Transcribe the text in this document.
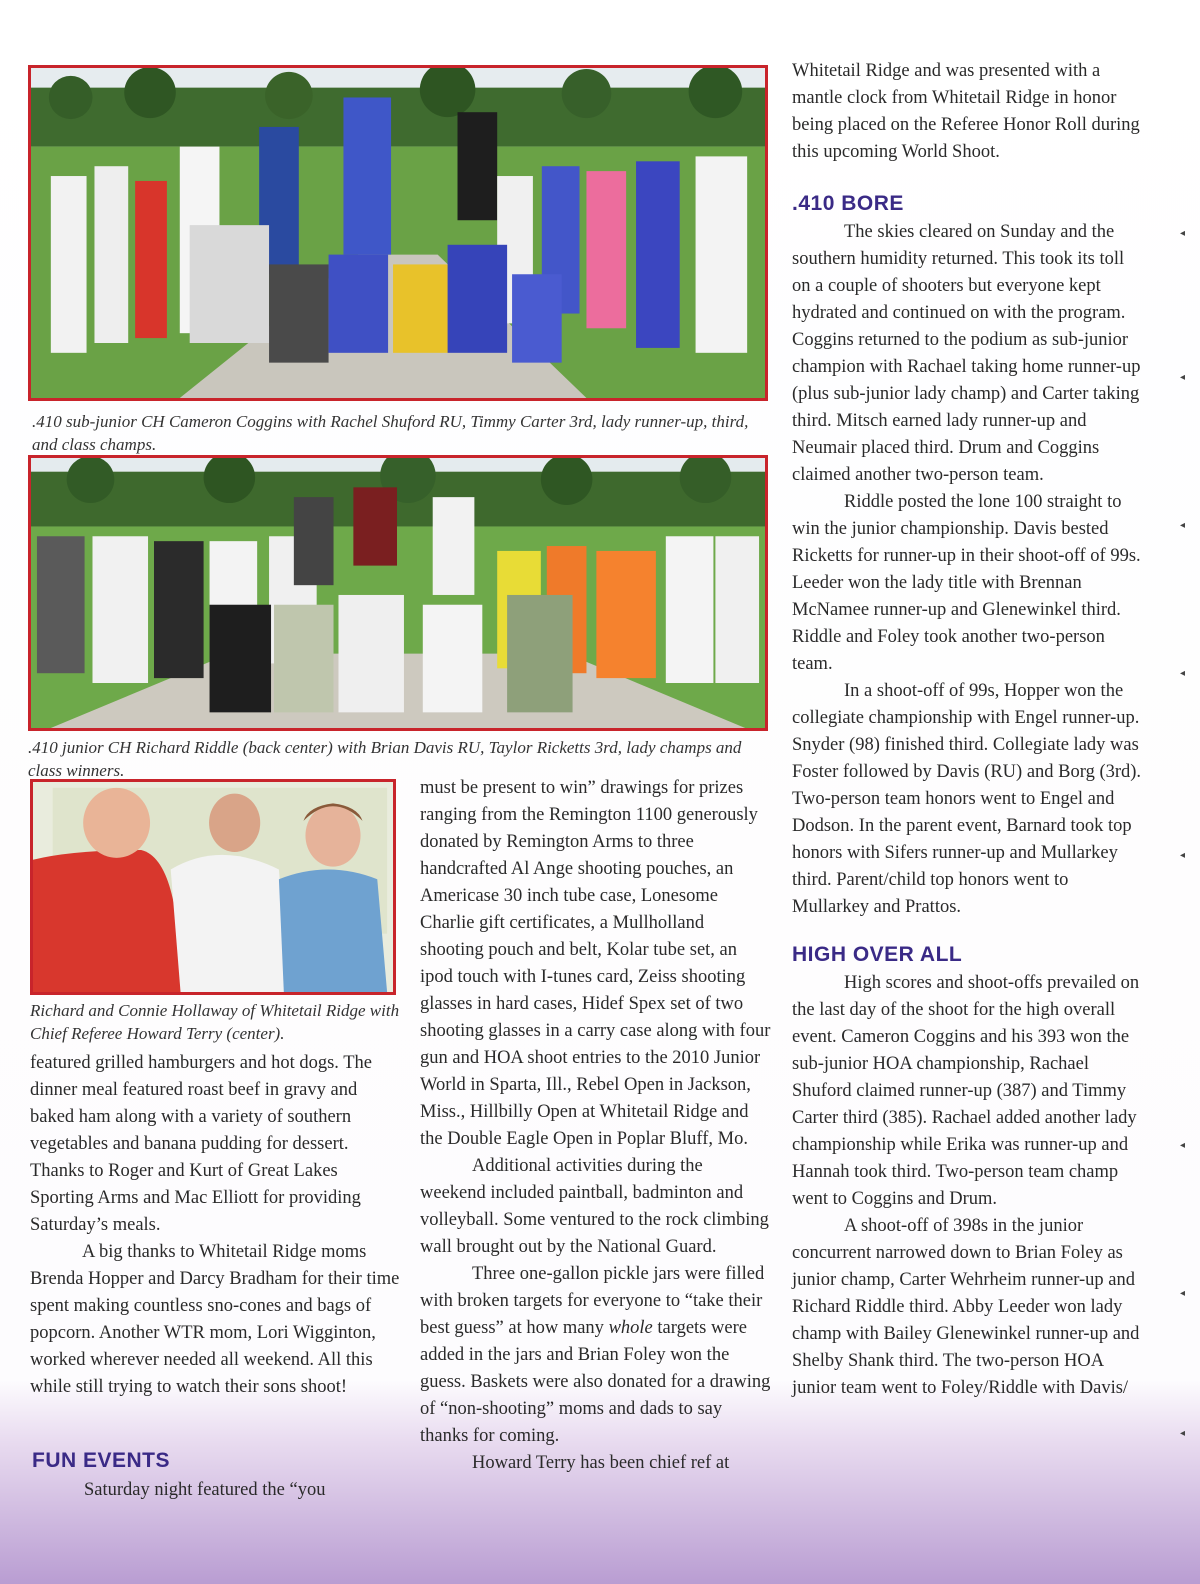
.410 sub-junior CH Cameron Coggins with Rachel Shuford RU, Timmy Carter 3rd, lady runner-up, third, and class champs.

.410 junior CH Richard Riddle (back center) with Brian Davis RU, Taylor Ricketts 3rd, lady champs and class winners.

Richard and Connie Hollaway of Whitetail Ridge with Chief Referee Howard Terry (center).

featured grilled hamburgers and hot dogs. The dinner meal featured roast beef in gravy and baked ham along with a variety of southern vegetables and banana pudding for dessert. Thanks to Roger and Kurt of Great Lakes Sporting Arms and Mac Elliott for providing Saturday’s meals.

A big thanks to Whitetail Ridge moms Brenda Hopper and Darcy Bradham for their time spent making countless sno-cones and bags of popcorn. Another WTR mom, Lori Wigginton, worked wherever needed all weekend. All this while still trying to watch their sons shoot!

FUN EVENTS

Saturday night featured the “you

must be present to win” drawings for prizes ranging from the Remington 1100 generously donated by Remington Arms to three handcrafted Al Ange shooting pouches, an Americase 30 inch tube case, Lonesome Charlie gift certificates, a Mullholland shooting pouch and belt, Kolar tube set, an ipod touch with I-tunes card, Zeiss shooting glasses in hard cases, Hidef Spex set of two shooting glasses in a carry case along with four gun and HOA shoot entries to the 2010 Junior World in Sparta, Ill., Rebel Open in Jackson, Miss., Hillbilly Open at Whitetail Ridge and the Double Eagle Open in Poplar Bluff, Mo.

Additional activities during the weekend included paintball, badminton and volleyball. Some ventured to the rock climbing wall brought out by the National Guard.

Three one-gallon pickle jars were filled with broken targets for everyone to “take their best guess” at how many whole targets were added in the jars and Brian Foley won the guess. Baskets were also donated for a drawing of “non-shooting” moms and dads to say thanks for coming.

Howard Terry has been chief ref at

Whitetail Ridge and was presented with a mantle clock from Whitetail Ridge in honor being placed on the Referee Honor Roll during this upcoming World Shoot.

.410 BORE

The skies cleared on Sunday and the southern humidity returned. This took its toll on a couple of shooters but everyone kept hydrated and continued on with the program. Coggins returned to the podium as sub-junior champion with Rachael taking home runner-up (plus sub-junior lady champ) and Carter taking third. Mitsch earned lady runner-up and Neumair placed third. Drum and Coggins claimed another two-person team.

Riddle posted the lone 100 straight to win the junior championship. Davis bested Ricketts for runner-up in their shoot-off of 99s. Leeder won the lady title with Brennan McNamee runner-up and Glenewinkel third. Riddle and Foley took another two-person team.

In a shoot-off of 99s, Hopper won the collegiate championship with Engel runner-up. Snyder (98) finished third. Collegiate lady was Foster followed by Davis (RU) and Borg (3rd). Two-person team honors went to Engel and Dodson. In the parent event, Barnard took top honors with Sifers runner-up and Mullarkey third. Parent/child top honors went to Mullarkey and Prattos.

HIGH OVER ALL

High scores and shoot-offs prevailed on the last day of the shoot for the high overall event. Cameron Coggins and his 393 won the sub-junior HOA championship, Rachael Shuford claimed runner-up (387) and Timmy Carter third (385). Rachael added another lady championship while Erika was runner-up and Hannah took third. Two-person team champ went to Coggins and Drum.

A shoot-off of 398s in the junior concurrent narrowed down to Brian Foley as junior champ, Carter Wehrheim runner-up and Richard Riddle third. Abby Leeder won lady champ with Bailey Glenewinkel runner-up and Shelby Shank third. The two-person HOA junior team went to Foley/Riddle with Davis/

◂
◂
◂
◂
◂
◂
◂
◂
